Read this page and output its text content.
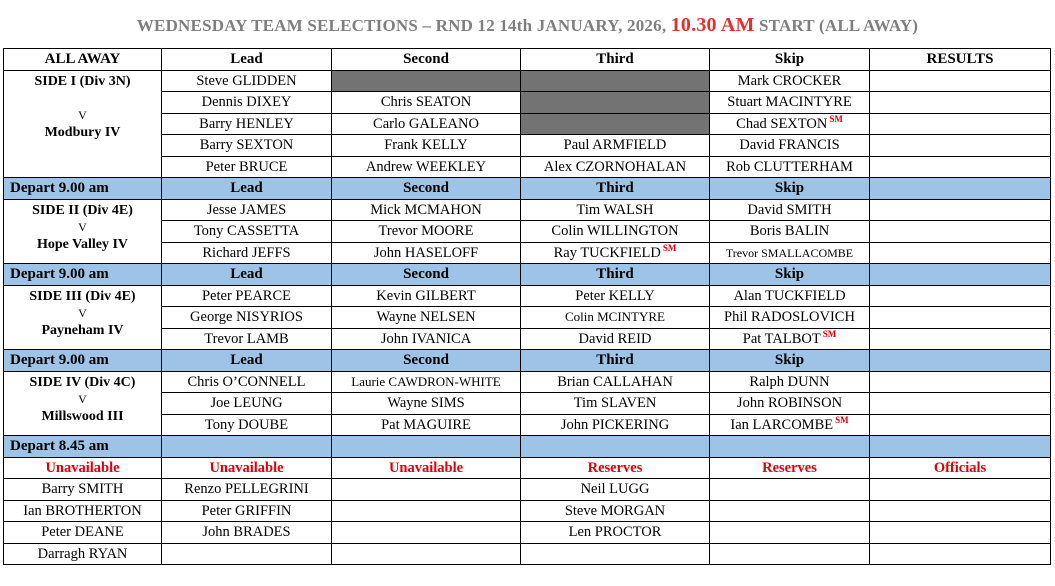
WEDNESDAY TEAM SELECTIONS – RND 12 14th JANUARY, 2026, 10.30 AM START (ALL AWAY)
ALL AWAY	Lead	Second	Third	Skip	RESULTS
SIDE I (Div 3N)

V
Modbury IV	Steve GLIDDEN			Mark CROCKER	
	Dennis DIXEY	Chris SEATON		Stuart MACINTYRE	
	Barry HENLEY	Carlo GALEANO		Chad SEXTON ℠	
	Barry SEXTON	Frank KELLY	Paul ARMFIELD	David FRANCIS	
	Peter BRUCE	Andrew WEEKLEY	Alex CZORNOHALAN	Rob CLUTTERHAM	
Depart 9.00 am	Lead	Second	Third	Skip	
SIDE II (Div 4E)
V
Hope Valley IV	Jesse JAMES	Mick MCMAHON	Tim WALSH	David SMITH	
	Tony CASSETTA	Trevor MOORE	Colin WILLINGTON	Boris BALIN	
	Richard JEFFS	John HASELOFF	Ray TUCKFIELD ℠	Trevor SMALLACOMBE	
Depart 9.00 am	Lead	Second	Third	Skip	
SIDE III (Div 4E)
V
Payneham IV	Peter PEARCE	Kevin GILBERT	Peter KELLY	Alan TUCKFIELD	
	George NISYRIOS	Wayne NELSEN	Colin MCINTYRE	Phil RADOSLOVICH	
	Trevor LAMB	John IVANICA	David REID	Pat TALBOT ℠	
Depart 9.00 am	Lead	Second	Third	Skip	
SIDE IV (Div 4C)
V
Millswood III	Chris O’CONNELL	Laurie CAWDRON-WHITE	Brian CALLAHAN	Ralph DUNN	
	Joe LEUNG	Wayne SIMS	Tim SLAVEN	John ROBINSON	
	Tony DOUBE	Pat MAGUIRE	John PICKERING	Ian LARCOMBE ℠	
Depart 8.45 am					
Unavailable	Unavailable	Unavailable	Reserves	Reserves	Officials
Barry SMITH	Renzo PELLEGRINI		Neil LUGG		
Ian BROTHERTON	Peter GRIFFIN		Steve MORGAN		
Peter DEANE	John BRADES		Len PROCTOR		
Darragh RYAN					
